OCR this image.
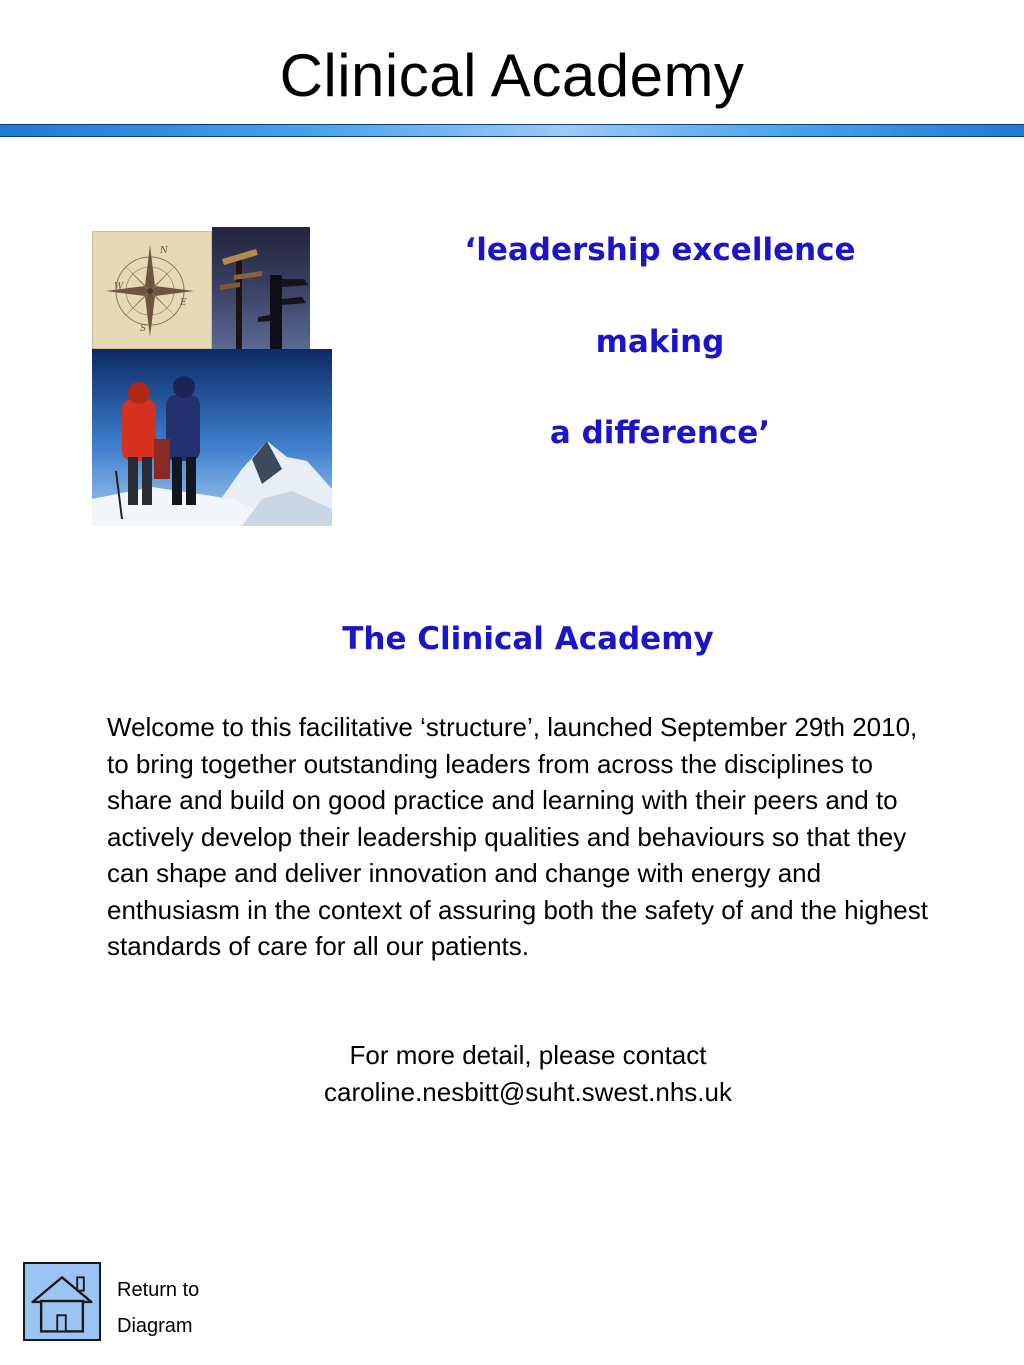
Clinical Academy
N
W
E
S
‘leadership excellence
making
a difference’
The Clinical Academy
Welcome to this facilitative ‘structure’, launched September 29th 2010, to bring together outstanding leaders from across the disciplines to share and build on good practice and learning with their peers and to actively develop their leadership qualities and behaviours so that they can shape and deliver innovation and change with energy and enthusiasm in the context of assuring both the safety of and the highest standards of care for all our patients.
For more detail, please contact
caroline.nesbitt@suht.swest.nhs.uk
Return to
Diagram
